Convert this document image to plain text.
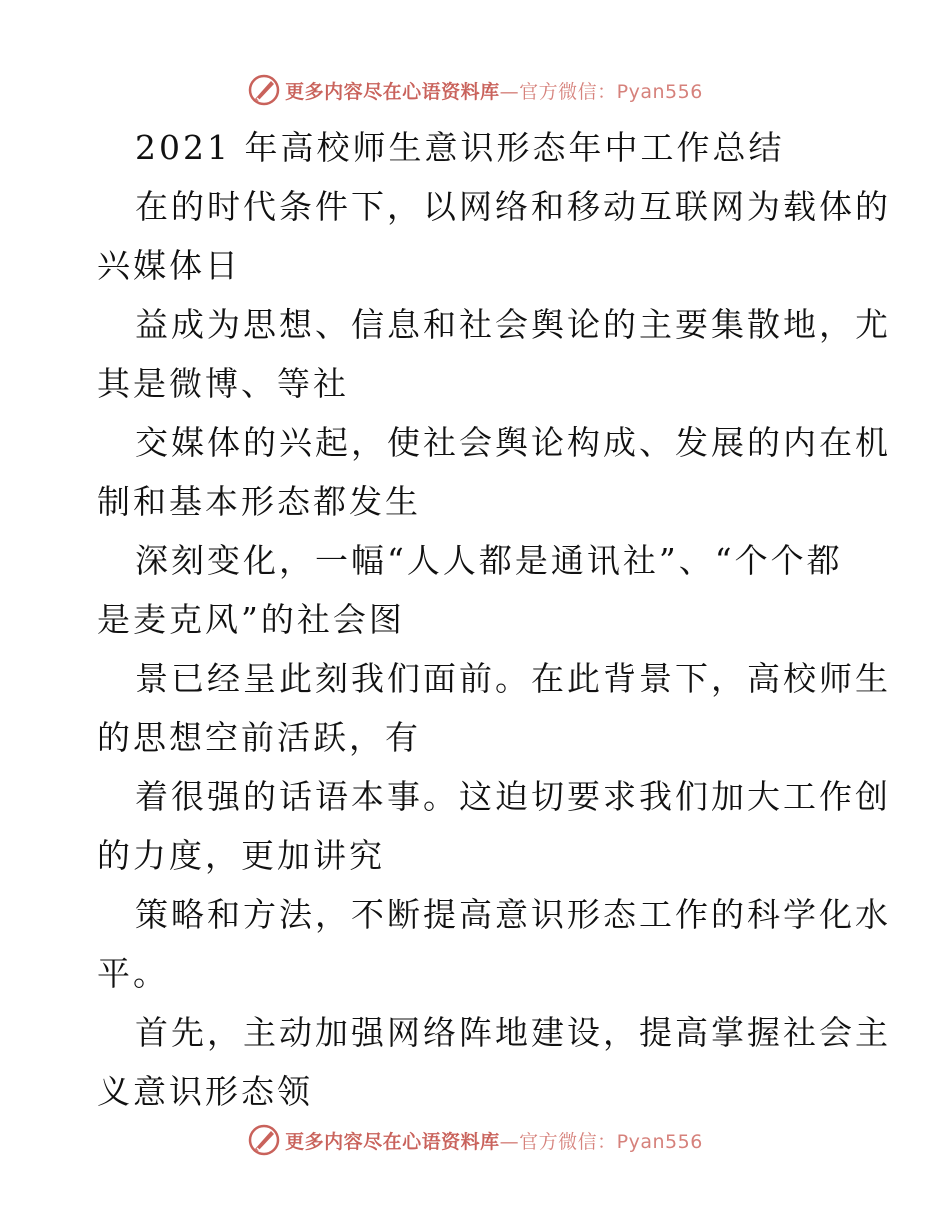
更多内容尽在心语资料库—官方微信：Pyan556
2021 年高校师生意识形态年中工作总结
在的时代条件下，以网络和移动互联网为载体的
兴媒体日
益成为思想、信息和社会舆论的主要集散地，尤
其是微博、等社
交媒体的兴起，使社会舆论构成、发展的内在机
制和基本形态都发生
深刻变化，一幅“人人都是通讯社”、“个个都
是麦克风”的社会图
景已经呈此刻我们面前。在此背景下，高校师生
的思想空前活跃，有
着很强的话语本事。这迫切要求我们加大工作创
的力度，更加讲究
策略和方法，不断提高意识形态工作的科学化水
平。
首先，主动加强网络阵地建设，提高掌握社会主
义意识形态领
更多内容尽在心语资料库—官方微信：Pyan556
